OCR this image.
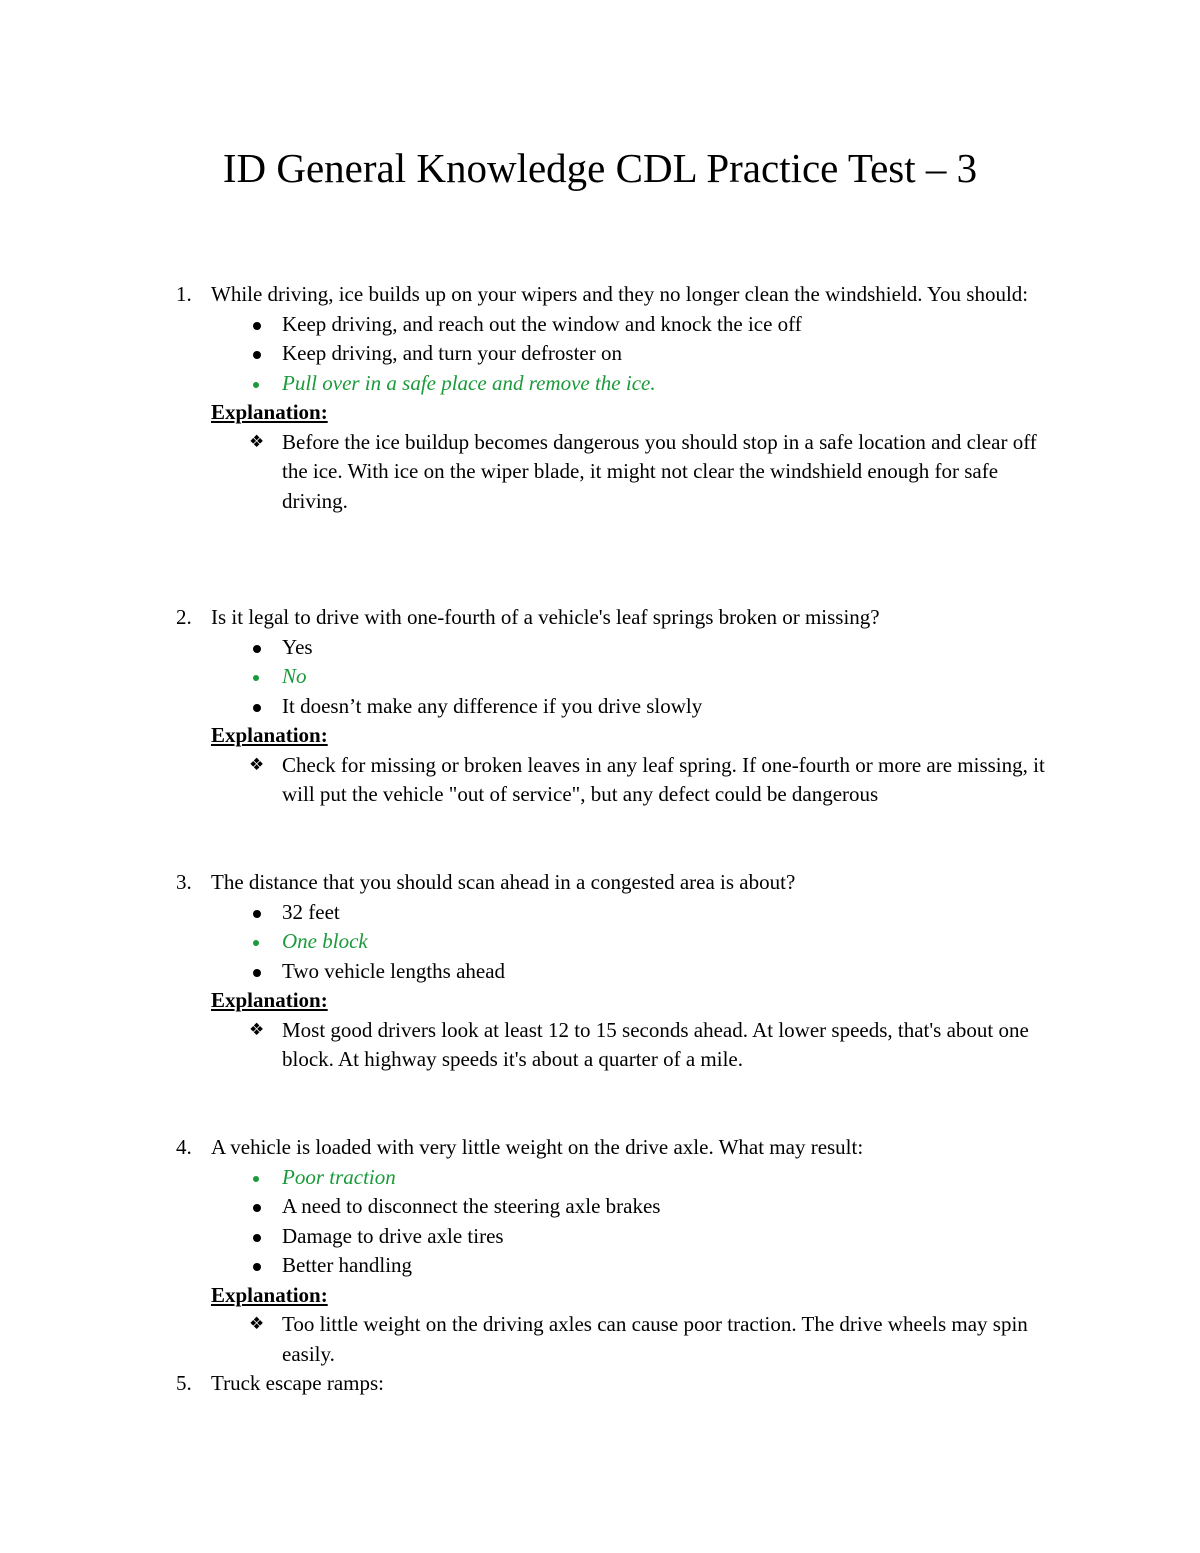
ID General Knowledge CDL Practice Test – 3
1. While driving, ice builds up on your wipers and they no longer clean the windshield. You should:
Keep driving, and reach out the window and knock the ice off
Keep driving, and turn your defroster on
Pull over in a safe place and remove the ice.
Explanation:
❖ Before the ice buildup becomes dangerous you should stop in a safe location and clear off the ice. With ice on the wiper blade, it might not clear the windshield enough for safe driving.
2. Is it legal to drive with one-fourth of a vehicle's leaf springs broken or missing?
Yes
No
It doesn’t make any difference if you drive slowly
Explanation:
❖ Check for missing or broken leaves in any leaf spring. If one-fourth or more are missing, it will put the vehicle "out of service", but any defect could be dangerous
3. The distance that you should scan ahead in a congested area is about?
32 feet
One block
Two vehicle lengths ahead
Explanation:
❖ Most good drivers look at least 12 to 15 seconds ahead. At lower speeds, that's about one block. At highway speeds it's about a quarter of a mile.
4. A vehicle is loaded with very little weight on the drive axle. What may result:
Poor traction
A need to disconnect the steering axle brakes
Damage to drive axle tires
Better handling
Explanation:
❖ Too little weight on the driving axles can cause poor traction. The drive wheels may spin easily.
5. Truck escape ramps:
